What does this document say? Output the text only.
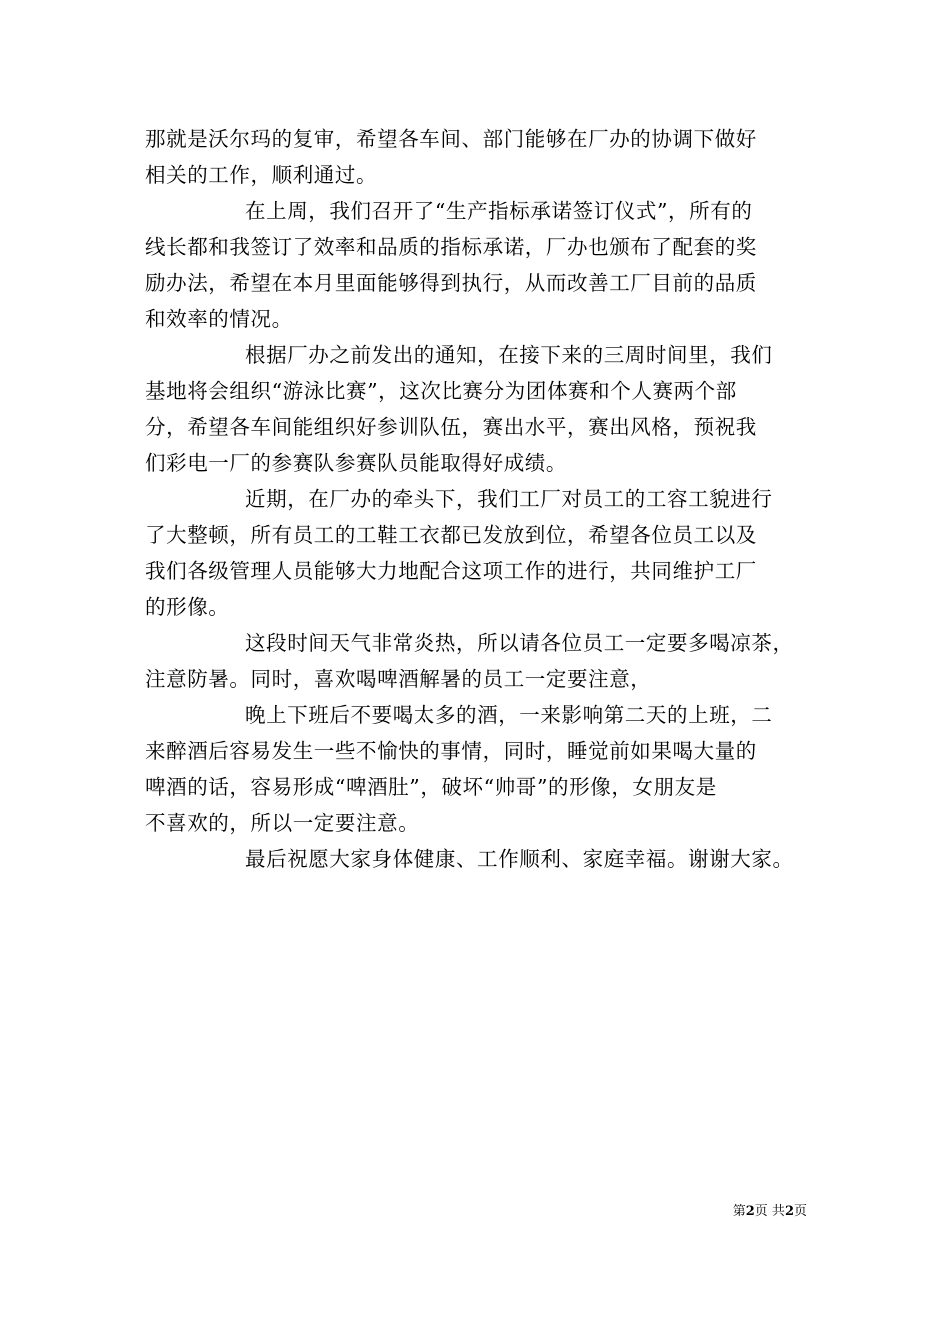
那就是沃尔玛的复审，希望各车间、部门能够在厂办的协调下做好
相关的工作，顺利通过。
在上周，我们召开了“生产指标承诺签订仪式”，所有的
线长都和我签订了效率和品质的指标承诺，厂办也颁布了配套的奖
励办法，希望在本月里面能够得到执行，从而改善工厂目前的品质
和效率的情况。
根据厂办之前发出的通知，在接下来的三周时间里，我们
基地将会组织“游泳比赛”，这次比赛分为团体赛和个人赛两个部
分，希望各车间能组织好参训队伍，赛出水平，赛出风格，预祝我
们彩电一厂的参赛队参赛队员能取得好成绩。
近期，在厂办的牵头下，我们工厂对员工的工容工貌进行
了大整顿，所有员工的工鞋工衣都已发放到位，希望各位员工以及
我们各级管理人员能够大力地配合这项工作的进行，共同维护工厂
的形像。
这段时间天气非常炎热，所以请各位员工一定要多喝凉茶，
注意防暑。同时，喜欢喝啤酒解暑的员工一定要注意，
晚上下班后不要喝太多的酒，一来影响第二天的上班，二
来醉酒后容易发生一些不愉快的事情，同时，睡觉前如果喝大量的
啤酒的话，容易形成“啤酒肚”，破坏“帅哥”的形像，女朋友是
不喜欢的，所以一定要注意。
最后祝愿大家身体健康、工作顺利、家庭幸福。谢谢大家。
第2页 共2页
